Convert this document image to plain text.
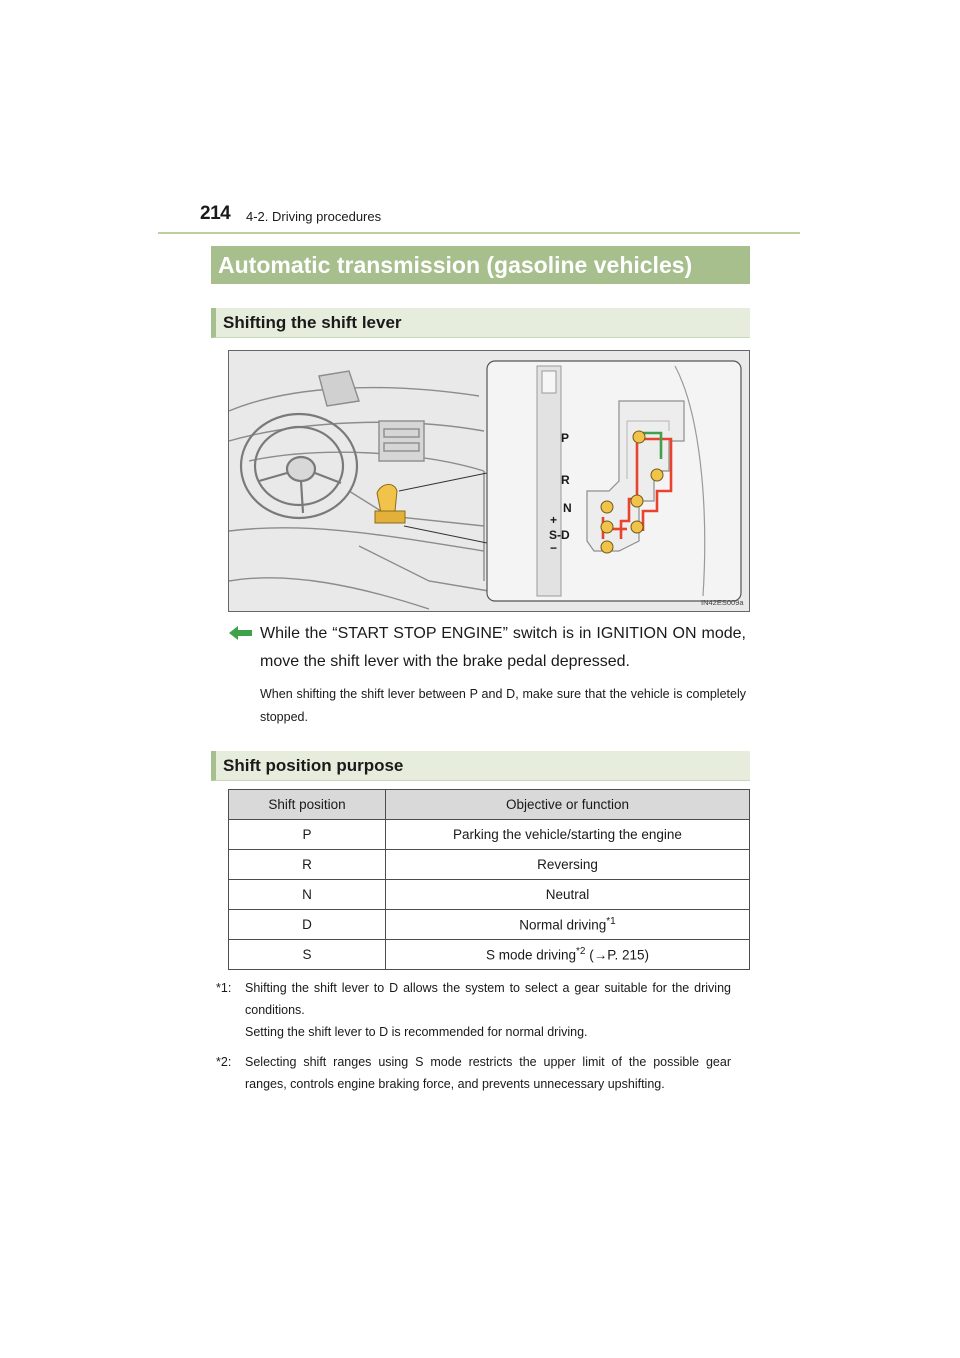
214 4-2. Driving procedures
Automatic transmission (gasoline vehicles)
Shifting the shift lever
P
R
N
+
S-D
−
IN42ES009a
While the “START STOP ENGINE” switch is in IGNITION ON mode, move the shift lever with the brake pedal depressed.
When shifting the shift lever between P and D, make sure that the vehicle is completely stopped.
Shift position purpose
Shift position	Objective or function
P	Parking the vehicle/starting the engine
R	Reversing
N	Neutral
D	Normal driving$^{*1}$
S	S mode driving$^{*2}$ (→P. 215)
*1: Shifting the shift lever to D allows the system to select a gear suitable for the driving conditions.
Setting the shift lever to D is recommended for normal driving.
*2: Selecting shift ranges using S mode restricts the upper limit of the possible gear ranges, controls engine braking force, and prevents unnecessary upshifting.
